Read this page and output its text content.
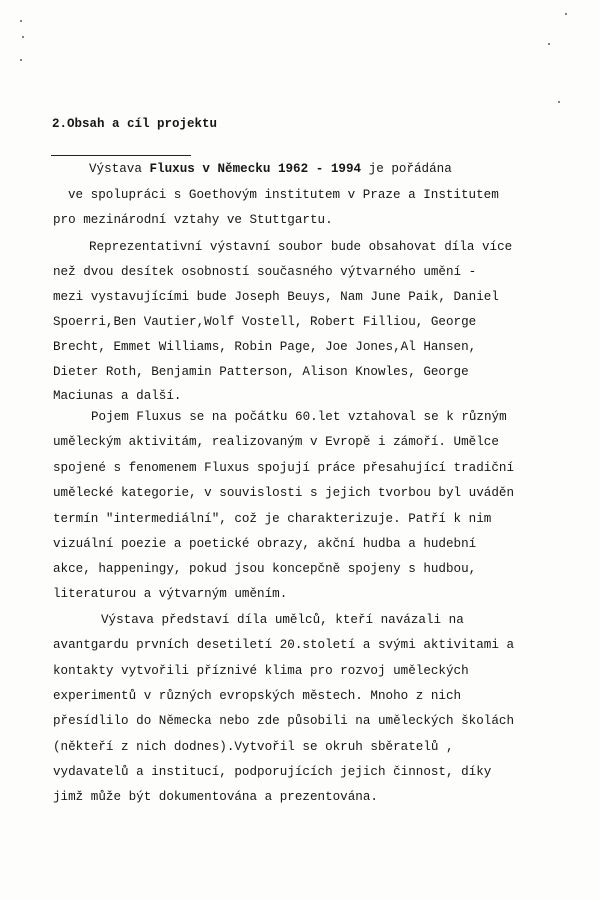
2.Obsah a cíl projektu
Výstava Fluxus v Německu 1962 - 1994 je pořádána
ve spolupráci s Goethovým institutem v Praze a Institutem
pro mezinárodní vztahy ve Stuttgartu.
Reprezentativní výstavní soubor bude obsahovat díla více
než dvou desítek osobností současného výtvarného umění -
mezi vystavujícími bude Joseph Beuys, Nam June Paik, Daniel
Spoerri,Ben Vautier,Wolf Vostell, Robert Filliou, George
Brecht, Emmet Williams, Robin Page, Joe Jones,Al Hansen,
Dieter Roth, Benjamin Patterson, Alison Knowles, George
Maciunas a další.
Pojem Fluxus se na počátku 60.let vztahoval se k různým
uměleckým aktivitám, realizovaným v Evropě i zámoří. Umělce
spojené s fenomenem Fluxus spojují práce přesahující tradiční
umělecké kategorie, v souvislosti s jejich tvorbou byl uváděn
termín "intermediální", což je charakterizuje. Patří k nim
vizuální poezie a poetické obrazy, akční hudba a hudební
akce, happeningy, pokud jsou koncepčně spojeny s hudbou,
literaturou a výtvarným uměním.
Výstava představí díla umělců, kteří navázali na
avantgardu prvních desetiletí 20.století a svými aktivitami a
kontakty vytvořili příznivé klima pro rozvoj uměleckých
experimentů v různých evropských městech. Mnoho z nich
přesídlilo do Německa nebo zde působili na uměleckých školách
(někteří z nich dodnes).Vytvořil se okruh sběratelů ,
vydavatelů a institucí, podporujících jejich činnost, díky
jimž může být dokumentována a prezentována.
